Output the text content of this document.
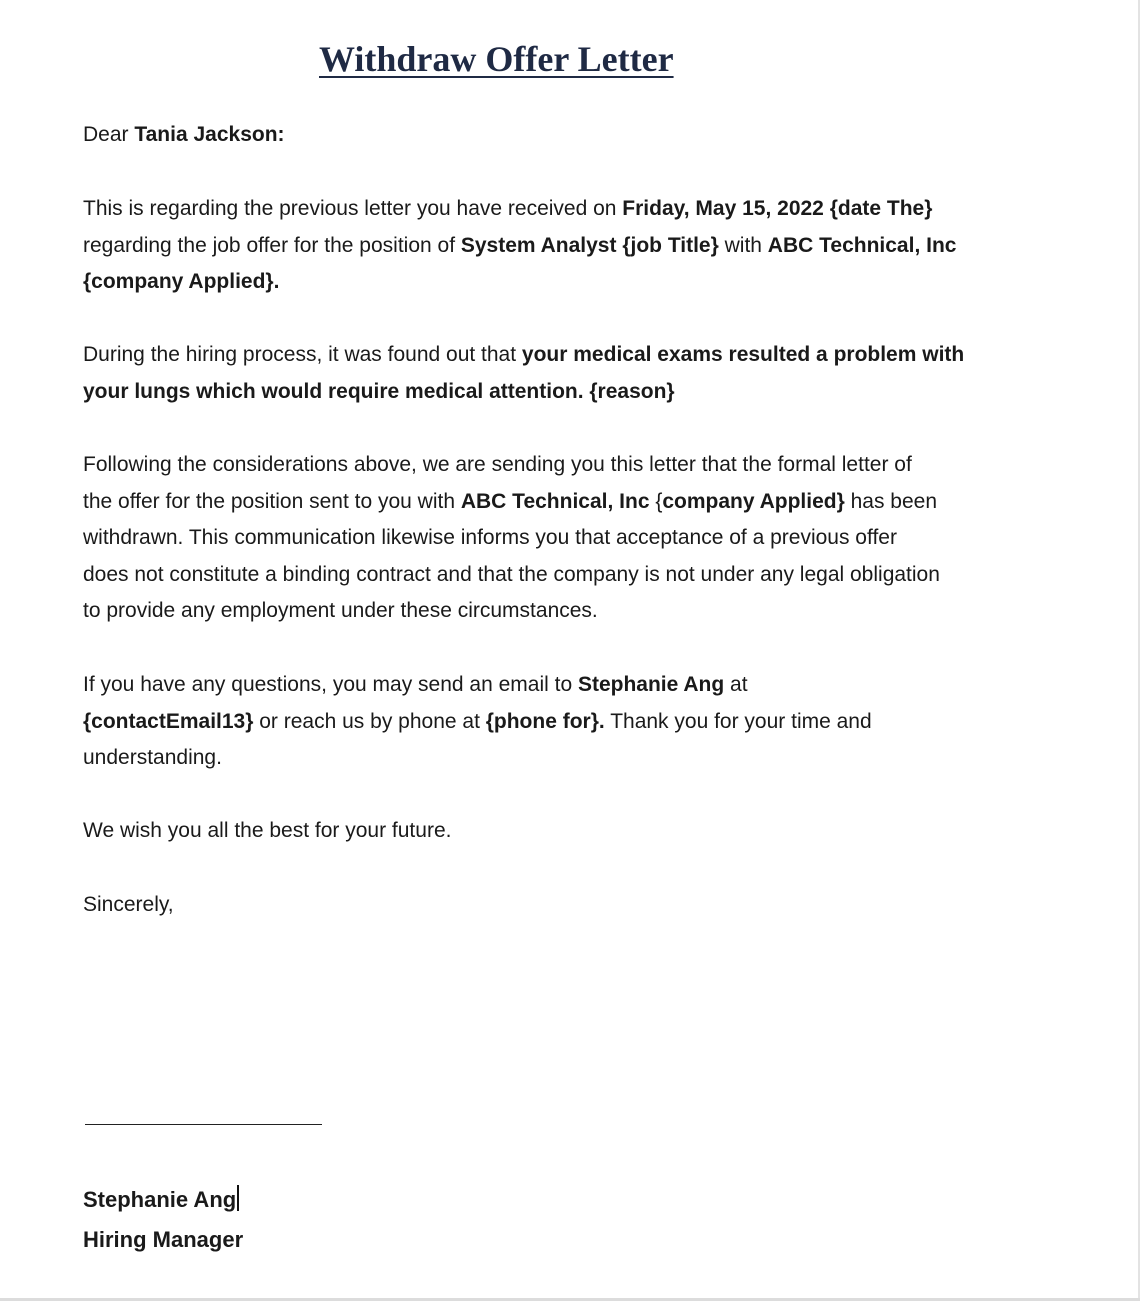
Withdraw Offer Letter

Dear Tania Jackson:

This is regarding the previous letter you have received on Friday, May 15, 2022 {date The}
regarding the job offer for the position of System Analyst {job Title} with ABC Technical, Inc
{company Applied}.

During the hiring process, it was found out that your medical exams resulted a problem with
your lungs which would require medical attention. {reason}

Following the considerations above, we are sending you this letter that the formal letter of
the offer for the position sent to you with ABC Technical, Inc {company Applied} has been
withdrawn. This communication likewise informs you that acceptance of a previous offer
does not constitute a binding contract and that the company is not under any legal obligation
to provide any employment under these circumstances.

If you have any questions, you may send an email to Stephanie Ang at
{contactEmail13} or reach us by phone at {phone for}. Thank you for your time and
understanding.

We wish you all the best for your future.

Sincerely,

Stephanie Ang
Hiring Manager
